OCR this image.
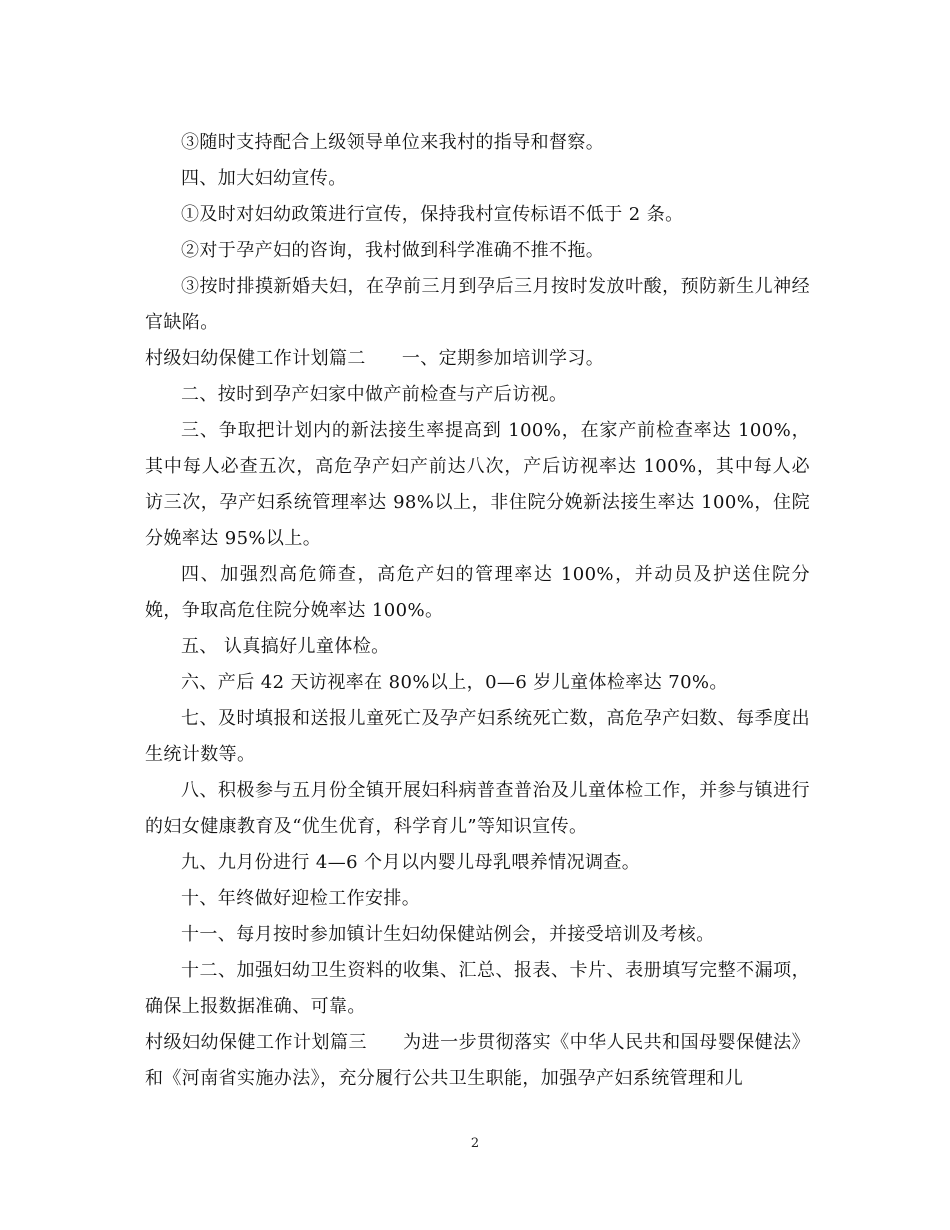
③随时支持配合上级领导单位来我村的指导和督察。

四、加大妇幼宣传。

①及时对妇幼政策进行宣传，保持我村宣传标语不低于 2 条。

②对于孕产妇的咨询，我村做到科学准确不推不拖。

③按时排摸新婚夫妇，在孕前三月到孕后三月按时发放叶酸，预防新生儿神经官缺陷。

村级妇幼保健工作计划篇二 一、定期参加培训学习。

二、按时到孕产妇家中做产前检查与产后访视。

三、争取把计划内的新法接生率提高到 100%，在家产前检查率达 100%，其中每人必查五次，高危孕产妇产前达八次，产后访视率达 100%，其中每人必访三次，孕产妇系统管理率达 98%以上，非住院分娩新法接生率达 100%，住院分娩率达 95%以上。

四、加强烈高危筛查，高危产妇的管理率达 100%，并动员及护送住院分娩，争取高危住院分娩率达 100%。

五、 认真搞好儿童体检。

六、产后 42 天访视率在 80%以上，0—6 岁儿童体检率达 70%。

七、及时填报和送报儿童死亡及孕产妇系统死亡数，高危孕产妇数、每季度出生统计数等。

八、积极参与五月份全镇开展妇科病普查普治及儿童体检工作，并参与镇进行的妇女健康教育及“优生优育，科学育儿”等知识宣传。

九、九月份进行 4—6 个月以内婴儿母乳喂养情况调查。

十、年终做好迎检工作安排。

十一、每月按时参加镇计生妇幼保健站例会，并接受培训及考核。

十二、加强妇幼卫生资料的收集、汇总、报表、卡片、表册填写完整不漏项，确保上报数据准确、可靠。

村级妇幼保健工作计划篇三 为进一步贯彻落实《中华人民共和国母婴保健法》和《河南省实施办法》，充分履行公共卫生职能，加强孕产妇系统管理和儿

2
